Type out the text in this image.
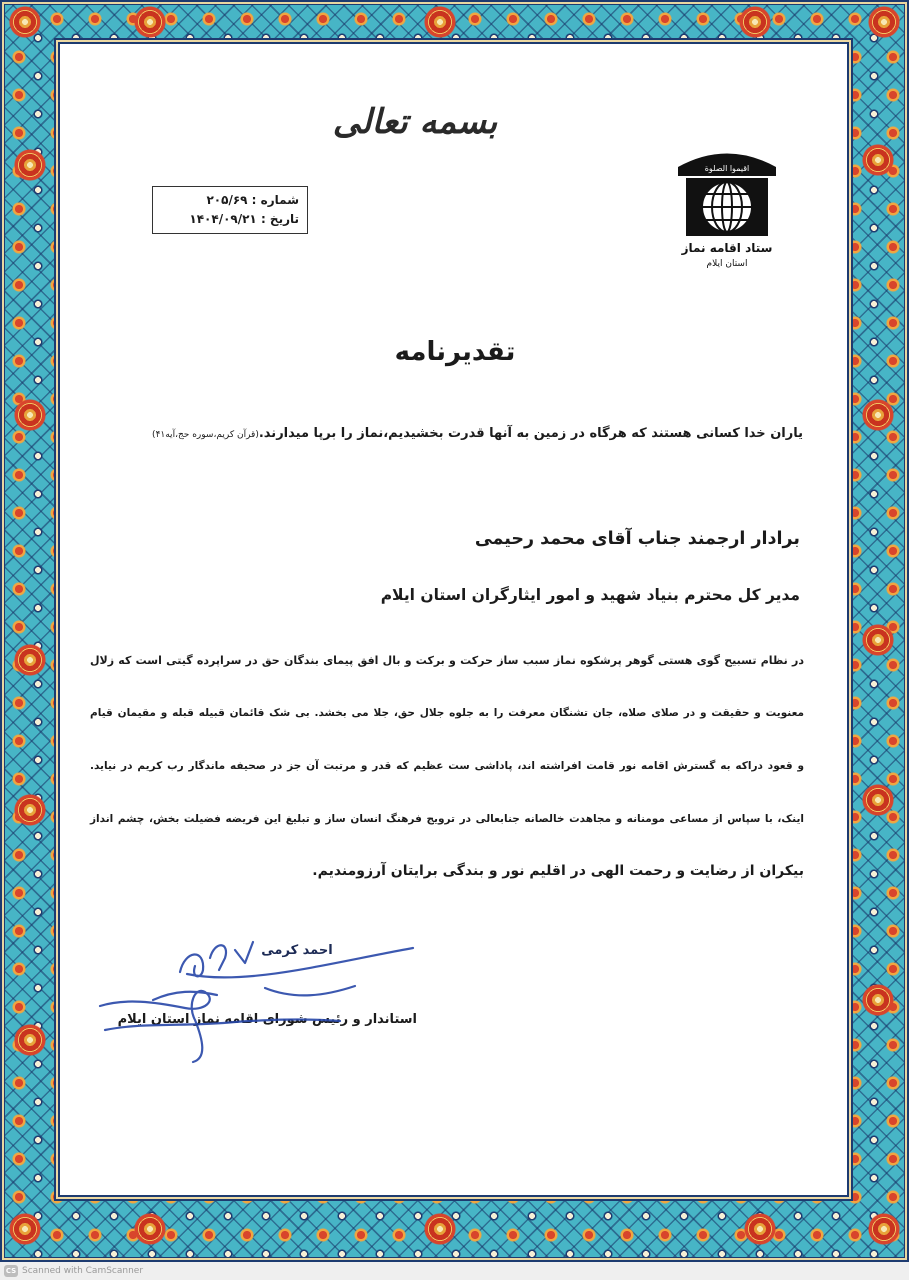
بسمه تعالی
اقیموا الصلوة
ستاد اقامه نماز
استان ایلام
شماره : ۲۰۵/۶۹
تاریخ : ۱۴۰۴/۰۹/۲۱
تقدیرنامه
یاران خدا کسانی هستند که هرگاه در زمین به آنها قدرت بخشیدیم،نماز را برپا میدارند.
(قرآن کریم،سوره حج،آیه۴۱)
برادار ارجمند جناب آقای محمد رحیمی
مدیر کل محترم بنیاد شهید و امور ایثارگران استان ایلام
در نظام تسبیح گوی هستی گوهر پرشکوه نماز سبب ساز حرکت و برکت و بال افق پیمای بندگان حق در سراپرده گیتی است که زلال
معنویت و حقیقت و در صلای صلاه، جان تشنگان معرفت را به جلوه جلال حق، جلا می بخشد. بی شک قائمان قبیله قبله و مقیمان قیام
و قعود دراکه به گسترش اقامه نور قامت افراشته اند، پاداشی ست عظیم که قدر و مرتبت آن جز در صحیفه ماندگار رب کریم در نیاید.
اینک، با سپاس از مساعی مومنانه و مجاهدت خالصانه جنابعالی در ترویج فرهنگ انسان ساز و تبلیغ این فریضه فضیلت بخش، چشم انداز
بیکران از رضایت و رحمت الهی در اقلیم نور و بندگی برایتان آرزومندیم.
احمد کرمی
استاندار و رئیس شورای اقامه نماز استان ایلام
CS Scanned with CamScanner
